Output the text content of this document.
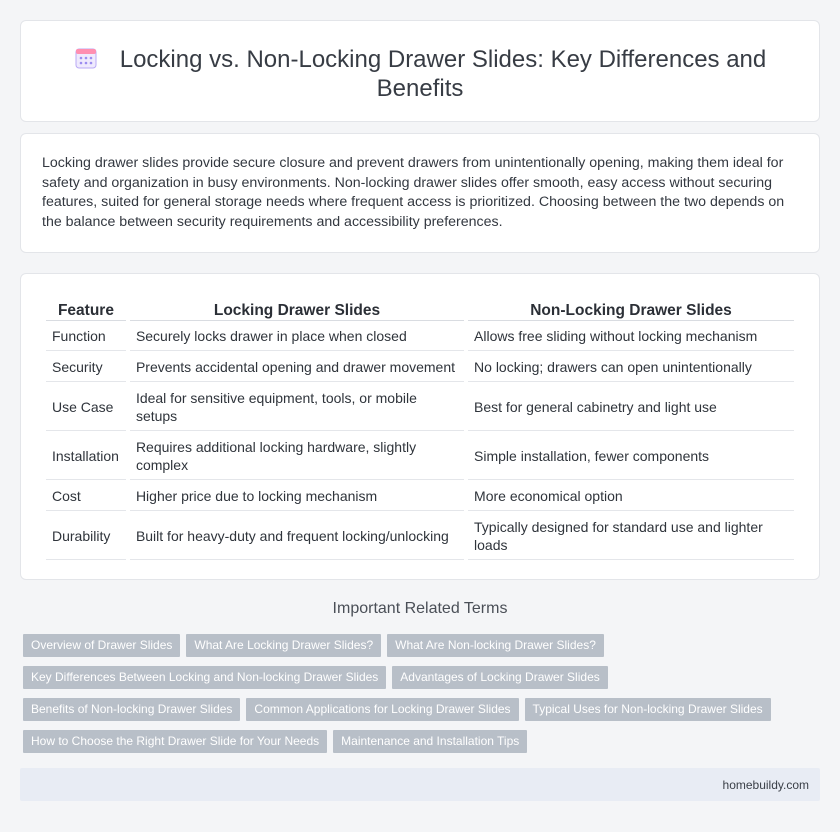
Locking vs. Non-Locking Drawer Slides: Key Differences and Benefits

Locking drawer slides provide secure closure and prevent drawers from unintentionally opening, making them ideal for safety and organization in busy environments. Non-locking drawer slides offer smooth, easy access without securing features, suited for general storage needs where frequent access is prioritized. Choosing between the two depends on the balance between security requirements and accessibility preferences.

Feature	Locking Drawer Slides	Non-Locking Drawer Slides
Function	Securely locks drawer in place when closed	Allows free sliding without locking mechanism
Security	Prevents accidental opening and drawer movement	No locking; drawers can open unintentionally
Use Case	Ideal for sensitive equipment, tools, or mobile setups	Best for general cabinetry and light use
Installation	Requires additional locking hardware, slightly complex	Simple installation, fewer components
Cost	Higher price due to locking mechanism	More economical option
Durability	Built for heavy-duty and frequent locking/unlocking	Typically designed for standard use and lighter loads
Important Related Terms
Overview of Drawer Slides	What Are Locking Drawer Slides?	What Are Non-locking Drawer Slides?
Key Differences Between Locking and Non-locking Drawer Slides	Advantages of Locking Drawer Slides
Benefits of Non-locking Drawer Slides	Common Applications for Locking Drawer Slides	Typical Uses for Non-locking Drawer Slides
How to Choose the Right Drawer Slide for Your Needs	Maintenance and Installation Tips
homebuildy.com
